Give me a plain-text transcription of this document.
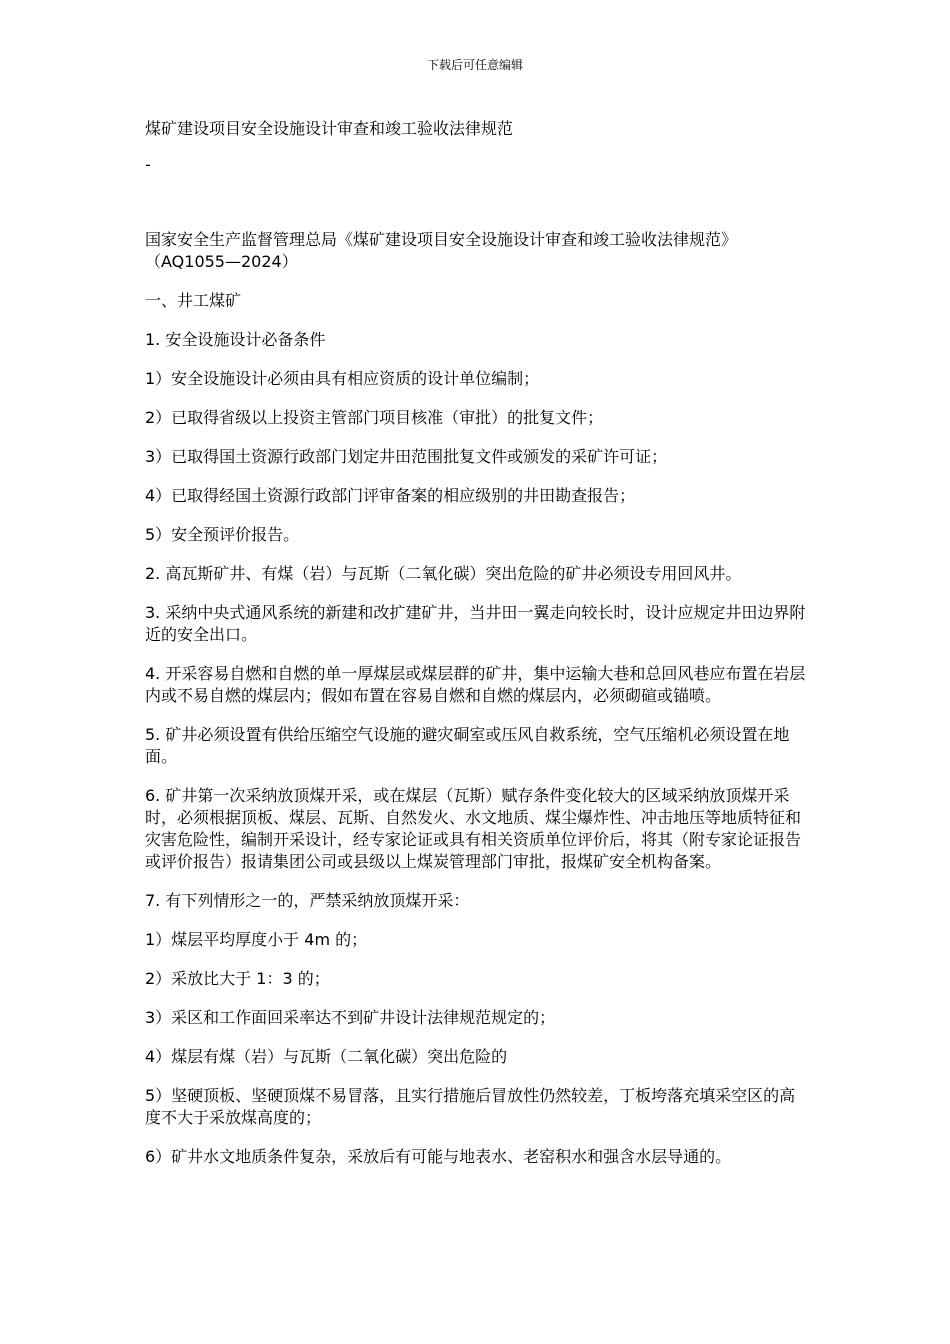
下载后可任意编辑
煤矿建设项目安全设施设计审查和竣工验收法律规范
-

国家安全生产监督管理总局《煤矿建设项目安全设施设计审查和竣工验收法律规范》（AQ1055—2024）

一、井工煤矿

1. 安全设施设计必备条件

1）安全设施设计必须由具有相应资质的设计单位编制；

2）已取得省级以上投资主管部门项目核准（审批）的批复文件；

3）已取得国土资源行政部门划定井田范围批复文件或颁发的采矿许可证；

4）已取得经国土资源行政部门评审备案的相应级别的井田勘查报告；

5）安全预评价报告。

2. 高瓦斯矿井、有煤（岩）与瓦斯（二氧化碳）突出危险的矿井必须设专用回风井。

3. 采纳中央式通风系统的新建和改扩建矿井，当井田一翼走向较长时，设计应规定井田边界附近的安全出口。

4. 开采容易自燃和自燃的单一厚煤层或煤层群的矿井，集中运输大巷和总回风巷应布置在岩层内或不易自燃的煤层内；假如布置在容易自燃和自燃的煤层内，必须砌碹或锚喷。

5. 矿井必须设置有供给压缩空气设施的避灾硐室或压风自救系统，空气压缩机必须设置在地面。

6. 矿井第一次采纳放顶煤开采，或在煤层（瓦斯）赋存条件变化较大的区域采纳放顶煤开采时，必须根据顶板、煤层、瓦斯、自然发火、水文地质、煤尘爆炸性、冲击地压等地质特征和灾害危险性，编制开采设计，经专家论证或具有相关资质单位评价后，将其（附专家论证报告或评价报告）报请集团公司或县级以上煤炭管理部门审批，报煤矿安全机构备案。

7. 有下列情形之一的，严禁采纳放顶煤开采：

1）煤层平均厚度小于 4m 的；

2）采放比大于 1：3 的；

3）采区和工作面回采率达不到矿井设计法律规范规定的；

4）煤层有煤（岩）与瓦斯（二氧化碳）突出危险的

5）坚硬顶板、坚硬顶煤不易冒落，且实行措施后冒放性仍然较差，丁板垮落充填采空区的高度不大于采放煤高度的；

6）矿井水文地质条件复杂，采放后有可能与地表水、老窑积水和强含水层导通的。
